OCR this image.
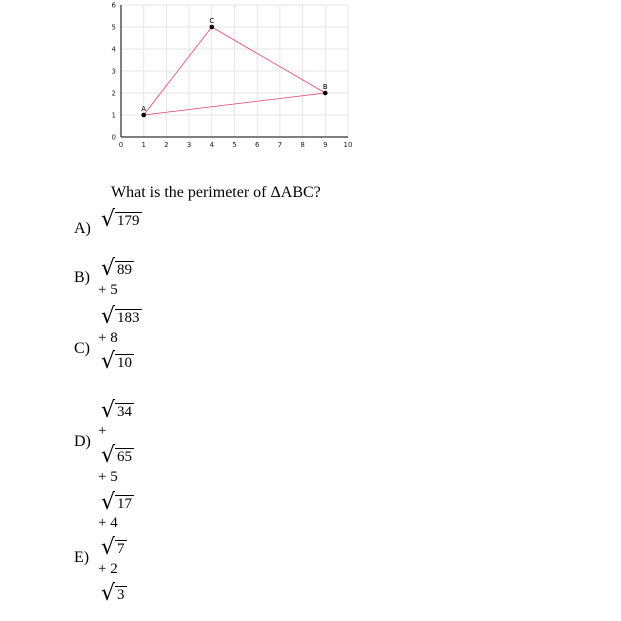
0	1	2	3	4	5	6	7	8	9 10
0
1
2
3
4
5
6
A
B
C
What is the perimeter of ΔABC?
A) √ 179
B) √ 89
+ 5
C)
√ 183
+ 8
√ 10
D)
√ 34
+
√ 65
+ 5
E)
√ 17
+ 4
√ 7
+ 2
√ 3
